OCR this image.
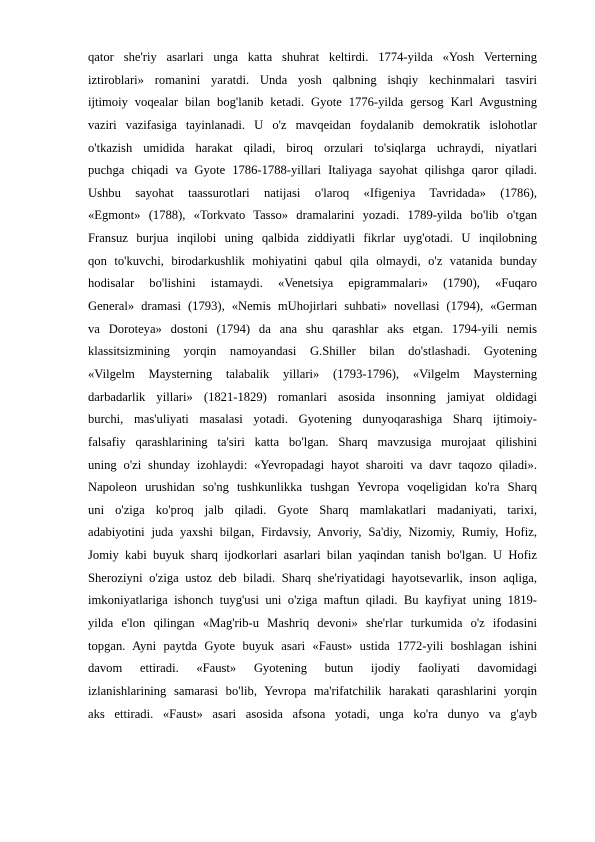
qator she'riy asarlari unga katta shuhrat keltirdi. 1774-yilda «Yosh Verterning
iztiroblari» romanini yaratdi. Unda yosh qalbning ishqiy kechinmalari tasviri
ijtimoiy voqealar bilan bog'lanib ketadi. Gyote 1776-yilda gersog Karl Avgustning
vaziri vazifasiga tayinlanadi. U o'z mavqeidan foydalanib demokratik islohotlar
o'tkazish umidida harakat qiladi, biroq orzulari to'siqlarga uchraydi, niyatlari
puchga chiqadi va Gyote 1786-1788-yillari Italiyaga sayohat qilishga qaror qiladi.
Ushbu sayohat taassurotlari natijasi o'laroq «Ifigeniya Tavridada» (1786),
«Egmont» (1788), «Torkvato Tasso» dramalarini yozadi. 1789-yilda bo'lib o'tgan
Fransuz burjua inqilobi uning qalbida ziddiyatli fikrlar uyg'otadi. U inqilobning
qon to'kuvchi, birodarkushlik mohiyatini qabul qila olmaydi, o'z vatanida bunday
hodisalar bo'lishini istamaydi. «Venetsiya epigrammalari» (1790), «Fuqaro
General» dramasi (1793), «Nemis mUhojirlari suhbati» novellasi (1794), «German
va Doroteya» dostoni (1794) da ana shu qarashlar aks etgan. 1794-yili nemis
klassitsizmining yorqin namoyandasi G.Shiller bilan do'stlashadi. Gyotening
«Vilgelm Maysterning talabalik yillari» (1793-1796), «Vilgelm Maysterning
darbadarlik yillari» (1821-1829) romanlari asosida insonning jamiyat oldidagi
burchi, mas'uliyati masalasi yotadi. Gyotening dunyoqarashiga Sharq ijtimoiy-
falsafiy qarashlarining ta'siri katta bo'lgan. Sharq mavzusiga murojaat qilishini
uning o'zi shunday izohlaydi: «Yevropadagi hayot sharoiti va davr taqozo qiladi».
Napoleon urushidan so'ng tushkunlikka tushgan Yevropa voqeligidan ko'ra Sharq
uni o'ziga ko'proq jalb qiladi. Gyote Sharq mamlakatlari madaniyati, tarixi,
adabiyotini juda yaxshi bilgan, Firdavsiy, Anvoriy, Sa'diy, Nizomiy, Rumiy, Hofiz,
Jomiy kabi buyuk sharq ijodkorlari asarlari bilan yaqindan tanish bo'lgan. U Hofiz
Sheroziyni o'ziga ustoz deb biladi. Sharq she'riyatidagi hayotsevarlik, inson aqliga,
imkoniyatlariga ishonch tuyg'usi uni o'ziga maftun qiladi. Bu kayfiyat uning 1819-
yilda e'lon qilingan «Mag'rib-u Mashriq devoni» she'rlar turkumida o'z ifodasini
topgan. Ayni paytda Gyote buyuk asari «Faust» ustida 1772-yili boshlagan ishini
davom ettiradi. «Faust» Gyotening butun ijodiy faoliyati davomidagi
izlanishlarining samarasi bo'lib, Yevropa ma'rifatchilik harakati qarashlarini yorqin
aks ettiradi. «Faust» asari asosida afsona yotadi, unga ko'ra dunyo va g'ayb
